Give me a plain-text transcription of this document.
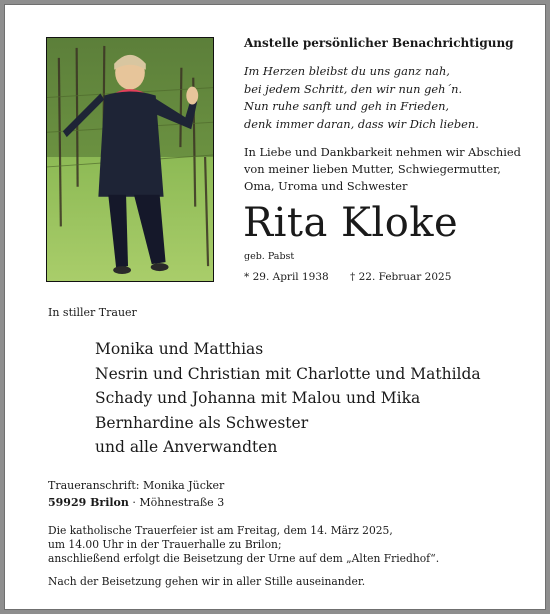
Anstelle persönlicher Benachrichtigung
Im Herzen bleibst du uns ganz nah,
bei jedem Schritt, den wir nun geh´n.
Nun ruhe sanft und geh in Frieden,
denk immer daran, dass wir Dich lieben.
In Liebe und Dankbarkeit nehmen wir Abschied
von meiner lieben Mutter, Schwiegermutter,
Oma, Uroma und Schwester
Rita Kloke
geb. Pabst
* 29. April 1938 † 22. Februar 2025
In stiller Trauer
Monika und Matthias
Nesrin und Christian mit Charlotte und Mathilda
Schady und Johanna mit Malou und Mika
Bernhardine als Schwester
und alle Anverwandten
Traueranschrift: Monika Jücker
59929 Brilon · Möhnestraße 3
Die katholische Trauerfeier ist am Freitag, dem 14. März 2025,
um 14.00 Uhr in der Trauerhalle zu Brilon;
anschließend erfolgt die Beisetzung der Urne auf dem „Alten Friedhof“.
Nach der Beisetzung gehen wir in aller Stille auseinander.
